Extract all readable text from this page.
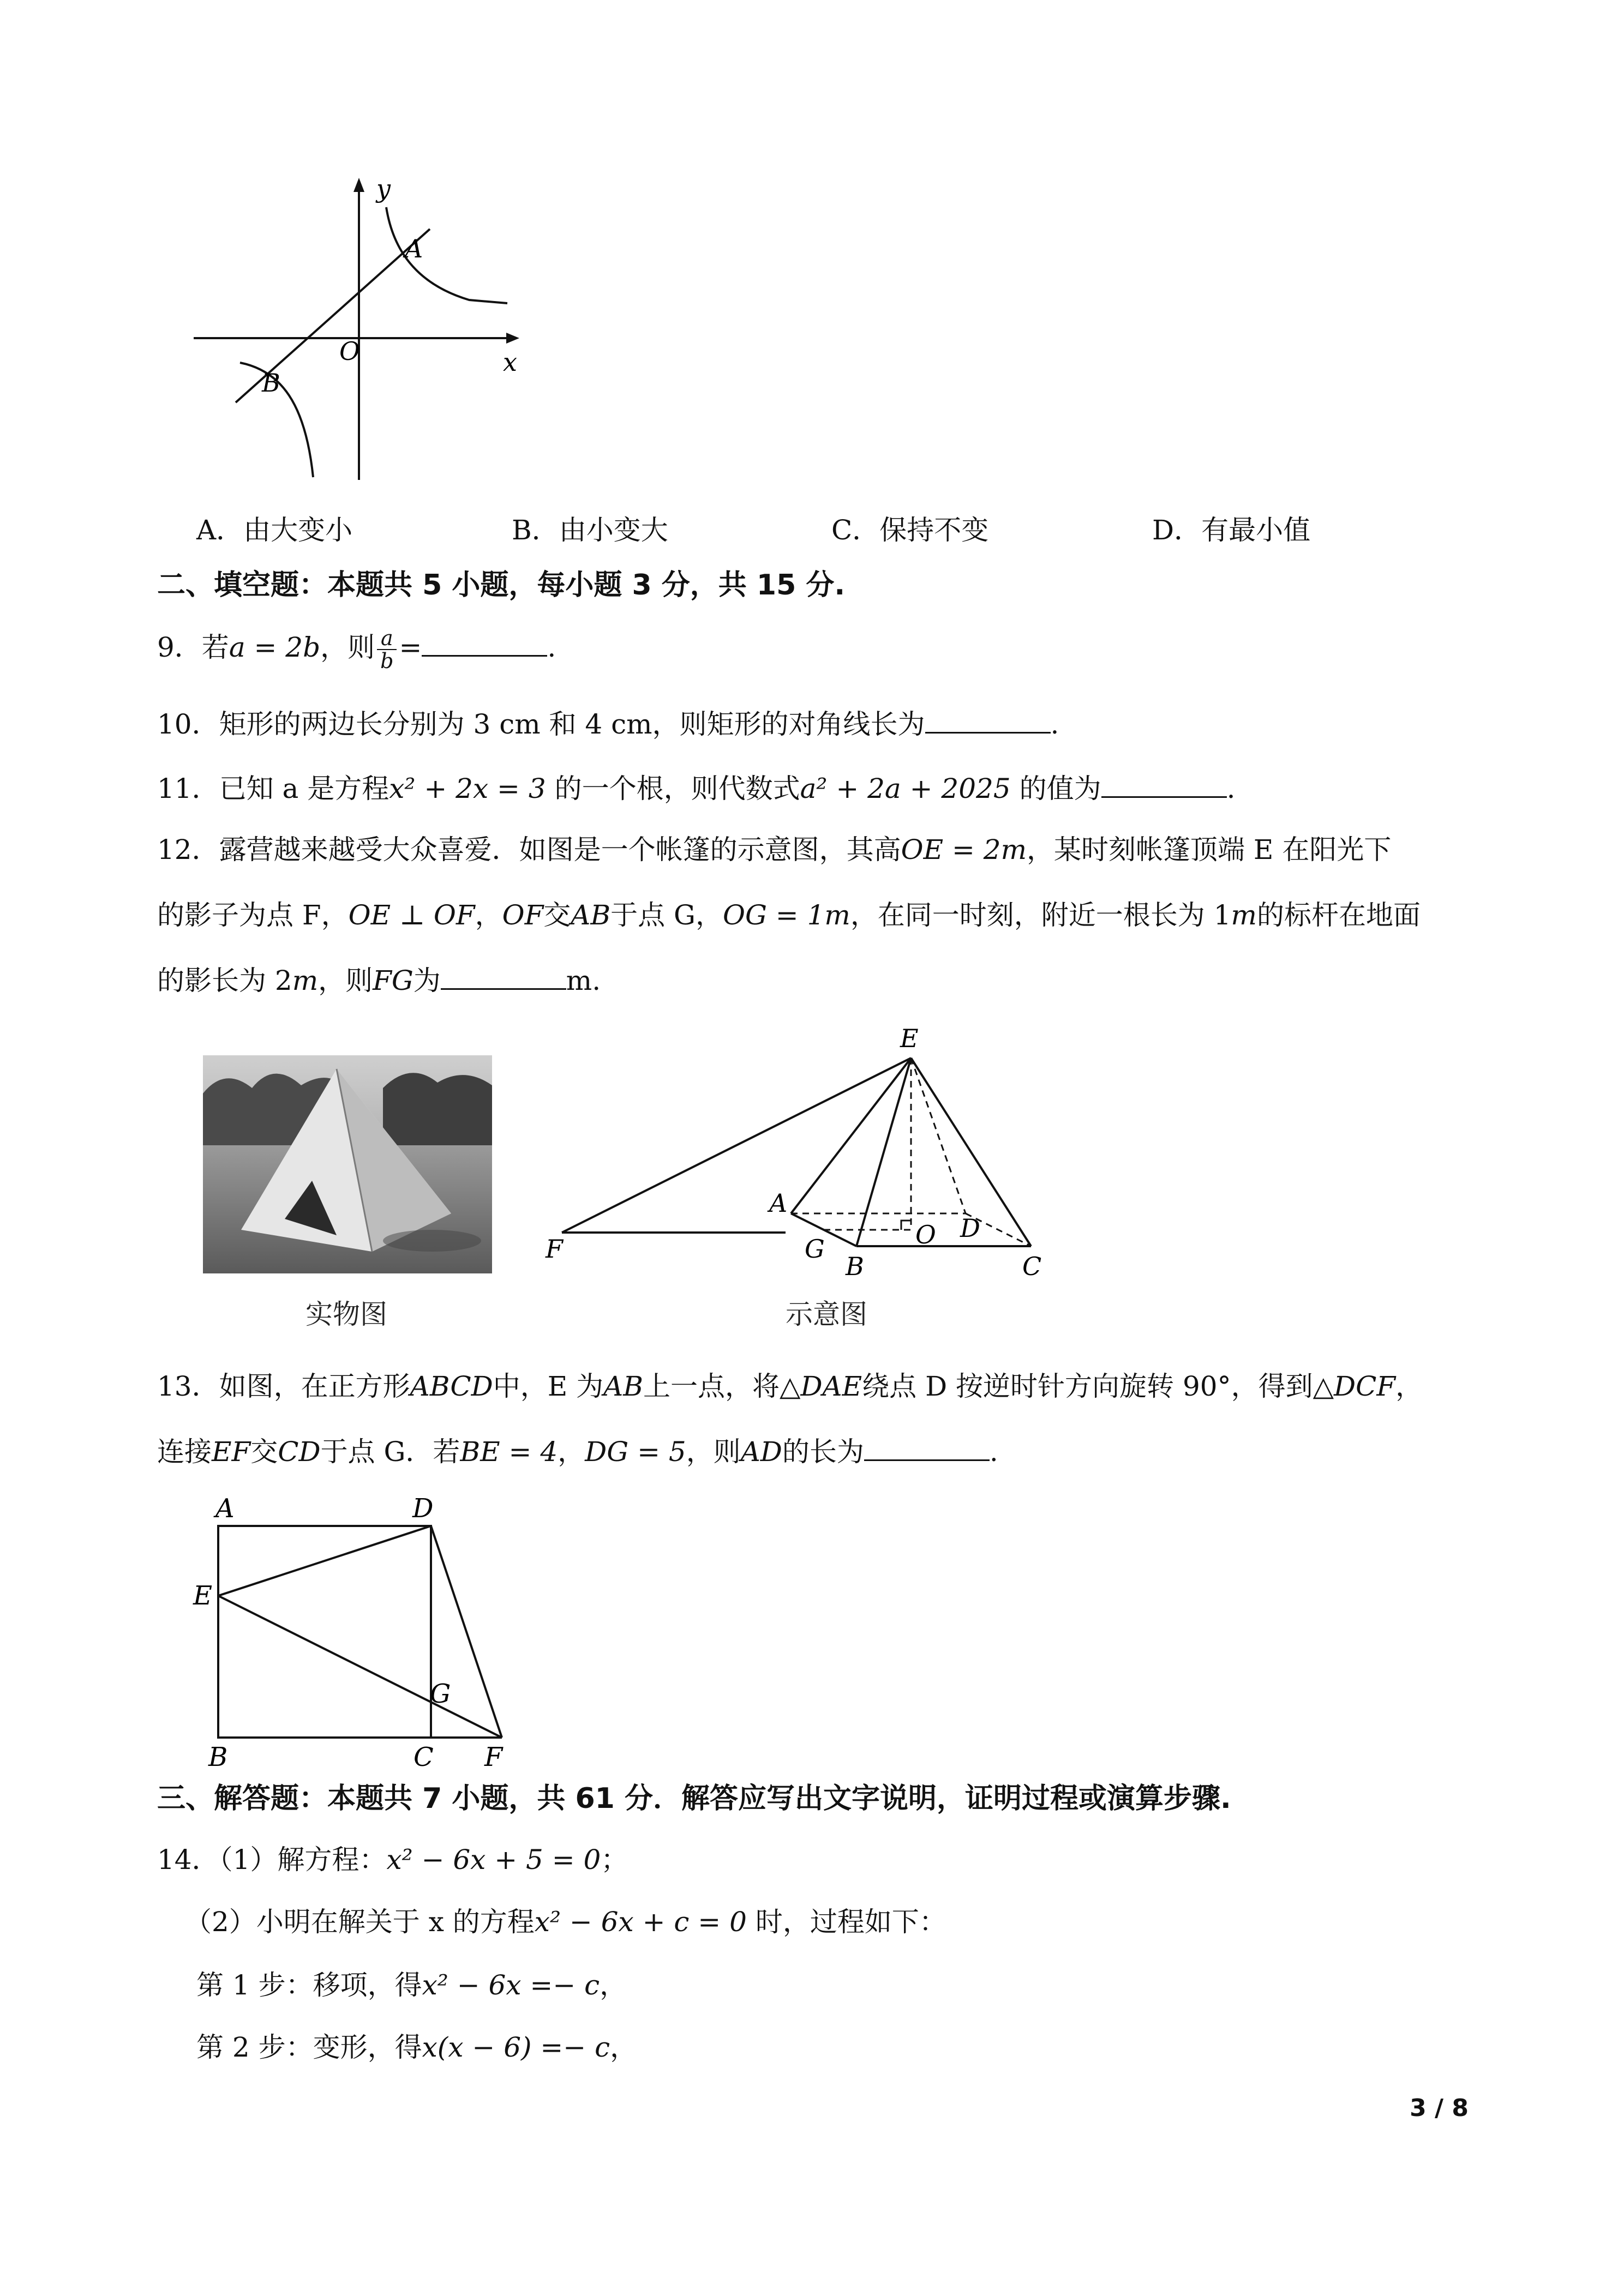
y
x
O
A
B
A．由大变小	B．由小变大	C．保持不变	D．有最小值
二、填空题：本题共 5 小题，每小题 3 分，共 15 分.
9．若a = 2b，则 $\frac{a}{b}$ =	.
10．矩形的两边长分别为 3 cm 和 4 cm，则矩形的对角线长为	.
11．已知 a 是方程x² + 2x = 3 的一个根，则代数式a² + 2a + 2025 的值为	.
12．露营越来越受大众喜爱．如图是一个帐篷的示意图，其高OE = 2m，某时刻帐篷顶端 E 在阳光下
的影子为点 F，OE ⊥ OF，OF交AB于点 G，OG = 1m，在同一时刻，附近一根长为 1m的标杆在地面
的影长为 2m，则FG为	m.
实物图
E
A
D
O
F	G
B	C
示意图
13．如图，在正方形ABCD中，E 为AB上一点，将△DAE绕点 D 按逆时针方向旋转 90°，得到△DCF，
连接EF交CD于点 G．若BE = 4，DG = 5，则AD的长为	.
A	D
E
G
B	C F
三、解答题：本题共 7 小题，共 61 分．解答应写出文字说明，证明过程或演算步骤.
14．（1）解方程：x² − 6x + 5 = 0；
（2）小明在解关于 x 的方程x² − 6x + c = 0 时，过程如下：
第 1 步：移项，得x² − 6x =− c，
第 2 步：变形，得x(x − 6) =− c，
3 / 8
